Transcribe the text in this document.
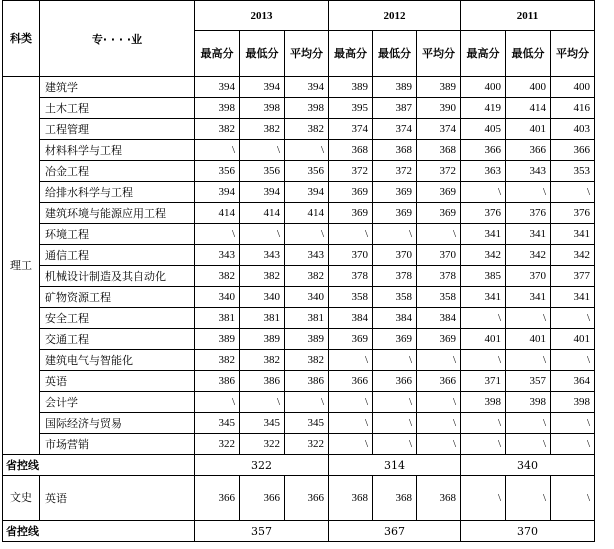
科类	专· · · ·业	2013			2012			2011		
		最高分	最低分	平均分	最高分	最低分	平均分	最高分	最低分	平均分
理工	建筑学	394	394	394	389	389	389	400	400	400
	土木工程	398	398	398	395	387	390	419	414	416
	工程管理	382	382	382	374	374	374	405	401	403
	材料科学与工程	\	\	\	368	368	368	366	366	366
	冶金工程	356	356	356	372	372	372	363	343	353
	给排水科学与工程	394	394	394	369	369	369	\	\	\
	建筑环境与能源应用工程	414	414	414	369	369	369	376	376	376
	环境工程	\	\	\	\	\	\	341	341	341
	通信工程	343	343	343	370	370	370	342	342	342
	机械设计制造及其自动化	382	382	382	378	378	378	385	370	377
	矿物资源工程	340	340	340	358	358	358	341	341	341
	安全工程	381	381	381	384	384	384	\	\	\
	交通工程	389	389	389	369	369	369	401	401	401
	建筑电气与智能化	382	382	382	\	\	\	\	\	\
	英语	386	386	386	366	366	366	371	357	364
	会计学	\	\	\	\	\	\	398	398	398
	国际经济与贸易	345	345	345	\	\	\	\	\	\
	市场营销	322	322	322	\	\	\	\	\	\
省控线		322			314			340		
文史	英语	366	366	366	368	368	368	\	\	\
省控线		357			367			370		
